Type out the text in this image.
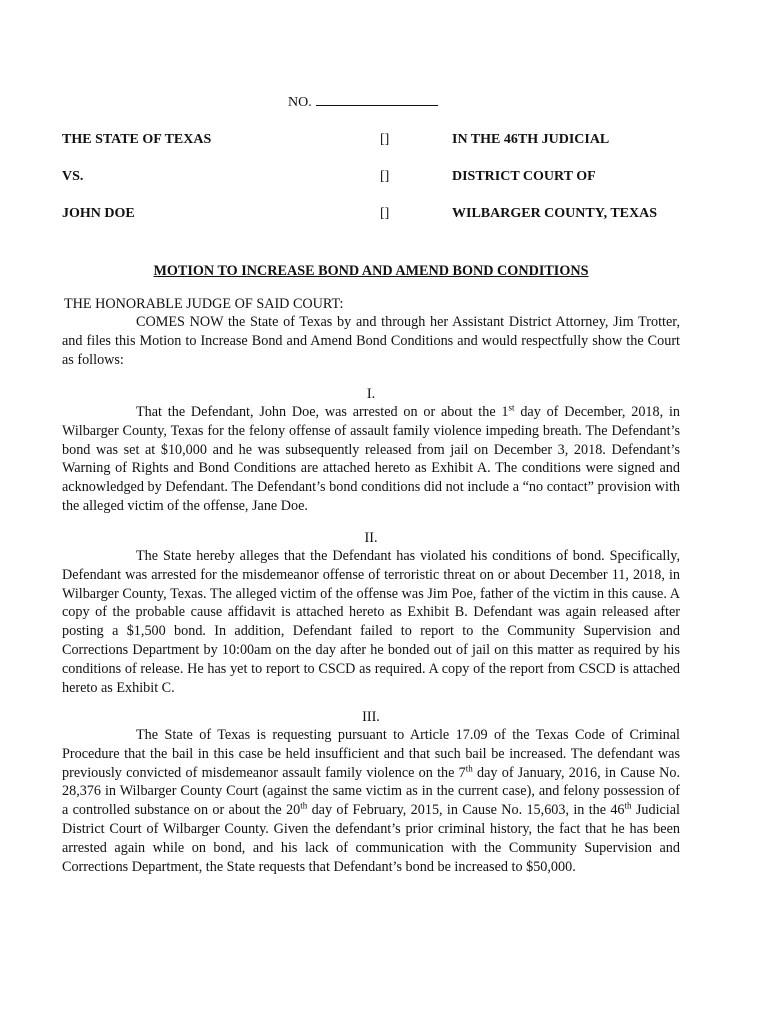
NO.
THE STATE OF TEXAS	[]	IN THE 46TH JUDICIAL
VS.	[]	DISTRICT COURT OF
JOHN DOE	[]	WILBARGER COUNTY, TEXAS
MOTION TO INCREASE BOND AND AMEND BOND CONDITIONS
THE HONORABLE JUDGE OF SAID COURT:
COMES NOW the State of Texas by and through her Assistant District Attorney, Jim Trotter, and files this Motion to Increase Bond and Amend Bond Conditions and would respectfully show the Court as follows:
I.
That the Defendant, John Doe, was arrested on or about the 1st day of December, 2018, in Wilbarger County, Texas for the felony offense of assault family violence impeding breath. The Defendant’s bond was set at $10,000 and he was subsequently released from jail on December 3, 2018. Defendant’s Warning of Rights and Bond Conditions are attached hereto as Exhibit A. The conditions were signed and acknowledged by Defendant. The Defendant’s bond conditions did not include a “no contact” provision with the alleged victim of the offense, Jane Doe.
II.
The State hereby alleges that the Defendant has violated his conditions of bond. Specifically, Defendant was arrested for the misdemeanor offense of terroristic threat on or about December 11, 2018, in Wilbarger County, Texas. The alleged victim of the offense was Jim Poe, father of the victim in this cause. A copy of the probable cause affidavit is attached hereto as Exhibit B. Defendant was again released after posting a $1,500 bond. In addition, Defendant failed to report to the Community Supervision and Corrections Department by 10:00am on the day after he bonded out of jail on this matter as required by his conditions of release. He has yet to report to CSCD as required. A copy of the report from CSCD is attached hereto as Exhibit C.
III.
The State of Texas is requesting pursuant to Article 17.09 of the Texas Code of Criminal Procedure that the bail in this case be held insufficient and that such bail be increased. The defendant was previously convicted of misdemeanor assault family violence on the 7th day of January, 2016, in Cause No. 28,376 in Wilbarger County Court (against the same victim as in the current case), and felony possession of a controlled substance on or about the 20th day of February, 2015, in Cause No. 15,603, in the 46th Judicial District Court of Wilbarger County. Given the defendant’s prior criminal history, the fact that he has been arrested again while on bond, and his lack of communication with the Community Supervision and Corrections Department, the State requests that Defendant’s bond be increased to $50,000.
